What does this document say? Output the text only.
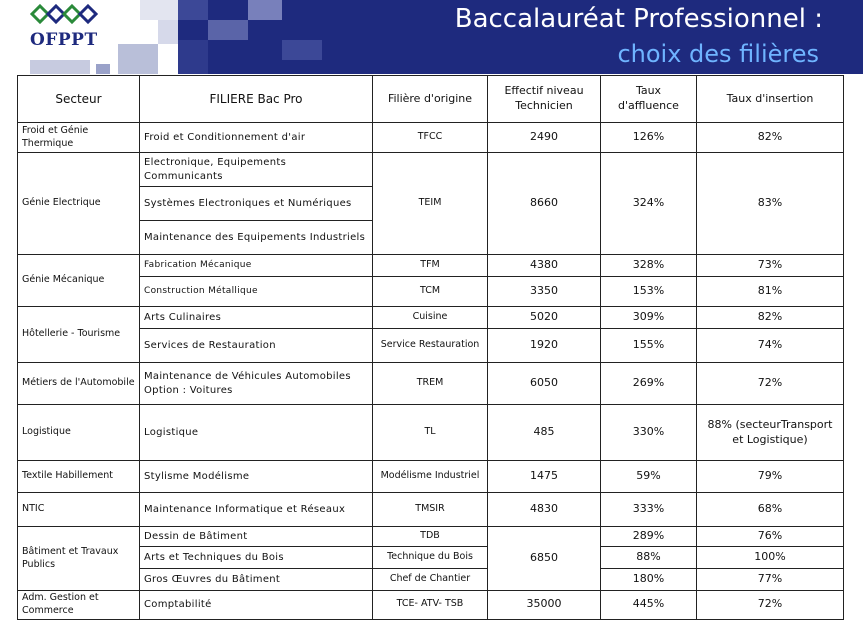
OFPPT
Baccalauréat Professionnel :
choix des filières
Secteur	FILIERE Bac Pro	Filière d'origine	Effectif niveau Technicien	Taux d'affluence	Taux d'insertion
Froid et Génie Thermique	Froid et Conditionnement d'air	TFCC	2490	126%	82%
Génie Electrique	Electronique, Equipements Communicants	TEIM	8660	324%	83%
	Systèmes Electroniques et Numériques				
	Maintenance des Equipements Industriels				
Génie Mécanique	Fabrication Mécanique	TFM	4380	328%	73%
	Construction Métallique	TCM	3350	153%	81%
Hôtellerie - Tourisme	Arts Culinaires	Cuisine	5020	309%	82%
	Services de Restauration	Service Restauration	1920	155%	74%
Métiers de l'Automobile	Maintenance de Véhicules Automobiles Option : Voitures	TREM	6050	269%	72%
Logistique	Logistique	TL	485	330%	88% (secteurTransport et Logistique)
Textile Habillement	Stylisme Modélisme	Modélisme Industriel	1475	59%	79%
NTIC	Maintenance Informatique et Réseaux	TMSIR	4830	333%	68%
Bâtiment et Travaux Publics	Dessin de Bâtiment	TDB	6850	289%	76%
	Arts et Techniques du Bois	Technique du Bois		88%	100%
	Gros Œuvres du Bâtiment	Chef de Chantier		180%	77%
Adm. Gestion et Commerce	Comptabilité	TCE- ATV- TSB	35000	445%	72%
